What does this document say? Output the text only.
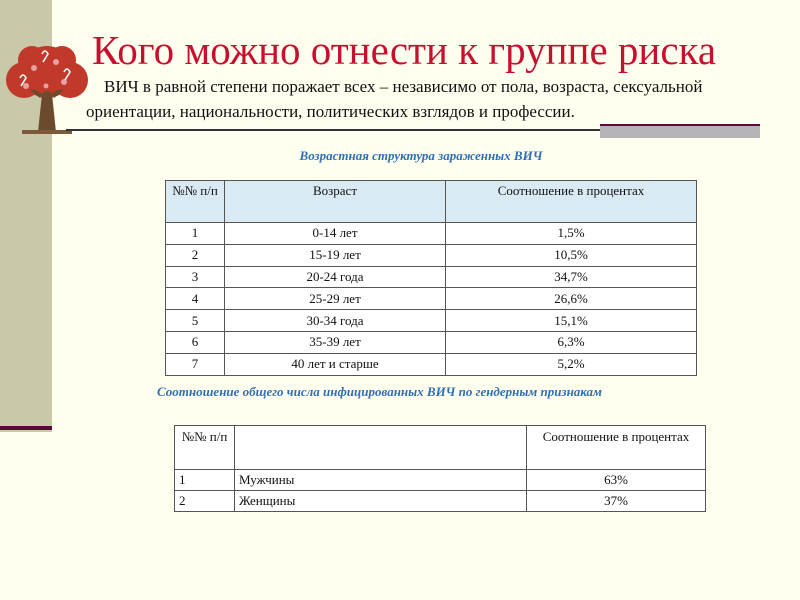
Кого можно отнести к группе риска
ВИЧ в равной степени поражает всех – независимо от пола, возраста, сексуальной
ориентации, национальности, политических взглядов и профессии.
Возрастная структура зараженных ВИЧ
№№ п/п	Возраст	Соотношение в процентах
1	0-14 лет	1,5%
2	15-19 лет	10,5%
3	20-24 года	34,7%
4	25-29 лет	26,6%
5	30-34 года	15,1%
6	35-39 лет	6,3%
7	40 лет и старше	5,2%
Соотношение общего числа инфицированных ВИЧ по гендерным признакам
№№ п/п		Соотношение в процентах
1	Мужчины	63%
2	Женщины	37%
